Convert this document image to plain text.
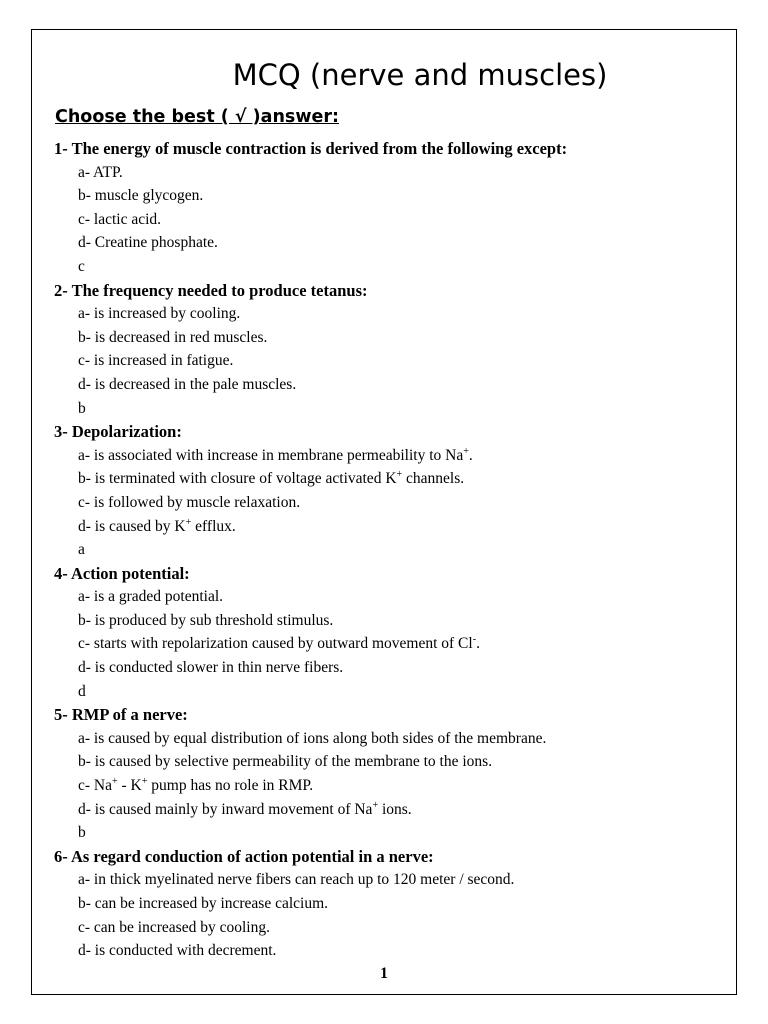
MCQ (nerve and muscles)
Choose the best ( √ )answer:
1- The energy of muscle contraction is derived from the following except:
a- ATP.
b- muscle glycogen.
c- lactic acid.
d- Creatine phosphate.
c
2- The frequency needed to produce tetanus:
a- is increased by cooling.
b- is decreased in red muscles.
c- is increased in fatigue.
d- is decreased in the pale muscles.
b
3- Depolarization:
a- is associated with increase in membrane permeability to Na+.
b- is terminated with closure of voltage activated K+ channels.
c- is followed by muscle relaxation.
d- is caused by K+ efflux.
a
4- Action potential:
a- is a graded potential.
b- is produced by sub threshold stimulus.
c- starts with repolarization caused by outward movement of Cl-.
d- is conducted slower in thin nerve fibers.
d
5- RMP of a nerve:
a- is caused by equal distribution of ions along both sides of the membrane.
b- is caused by selective permeability of the membrane to the ions.
c- Na+ - K+ pump has no role in RMP.
d- is caused mainly by inward movement of Na+ ions.
b
6- As regard conduction of action potential in a nerve:
a- in thick myelinated nerve fibers can reach up to 120 meter / second.
b- can be increased by increase calcium.
c- can be increased by cooling.
d- is conducted with decrement.
1
